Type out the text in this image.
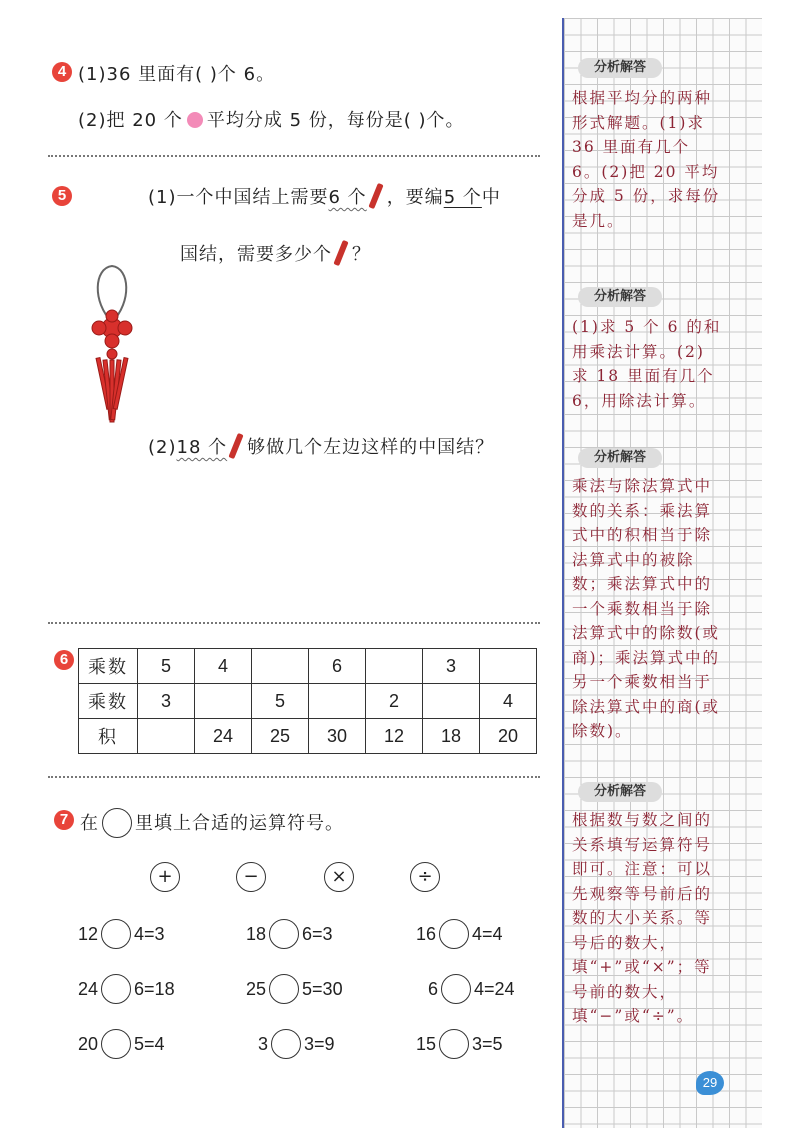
4 (1)36 里面有( )个 6。
(2)把 20 个 平均分成 5 份，每份是( )个。
5	(1)一个中国结上需要6 个 ，要编5 个中
国结，需要多少个 ？
(2)18 个 够做几个左边这样的中国结？
6	乘数	5	4		6		3	
乘数	3		5		2		4
积		24	25	30	12	18	20
7 在 里填上合适的运算符号。
+	−	×	÷
12 4=3	18 6=3	16 4=4
24 6=18	25 5=30	6 4=24
20 5=4	3 3=9	15 3=5
分析解答
根据平均分的两种形式解题。(1)求 36 里面有几个 6。(2)把 20 平均分成 5 份，求每份是几。
分析解答
(1)求 5 个 6 的和用乘法计算。(2)求 18 里面有几个 6，用除法计算。
分析解答
乘法与除法算式中数的关系：乘法算式中的积相当于除法算式中的被除数；乘法算式中的一个乘数相当于除法算式中的除数(或商)；乘法算式中的另一个乘数相当于除法算式中的商(或除数)。
分析解答
根据数与数之间的关系填写运算符号即可。注意：可以先观察等号前后的数的大小关系。等号后的数大，填“+”或“×”；等号前的数大，填“−”或“÷”。
29
